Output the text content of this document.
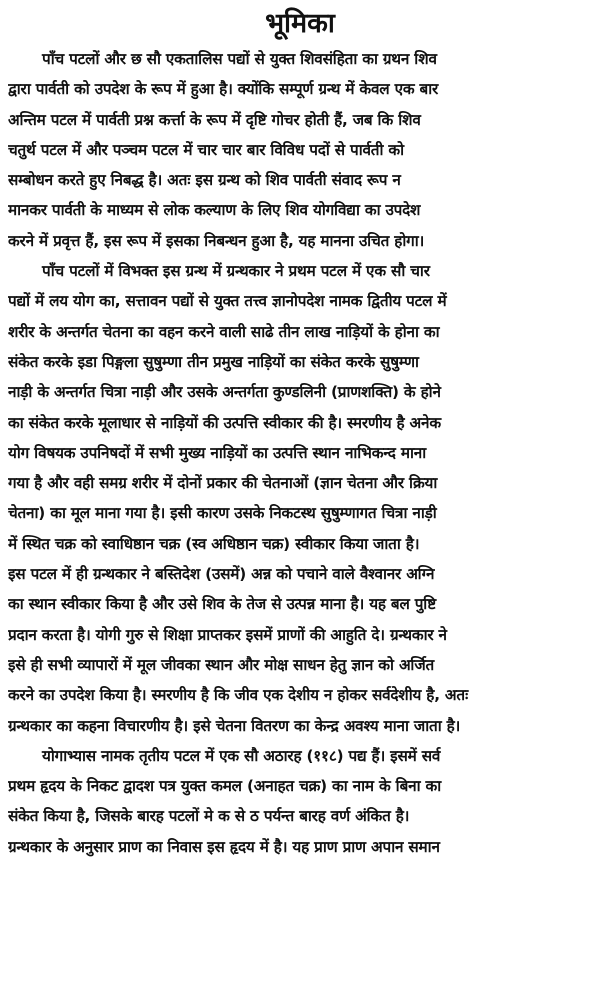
भूमिका
पाँच पटलों और छ सौ एकतालिस पद्यों से युक्त शिवसंहिता का ग्रथन शिव
द्वारा पार्वती को उपदेश के रूप में हुआ है। क्योंकि सम्पूर्ण ग्रन्थ में केवल एक बार
अन्तिम पटल में पार्वती प्रश्न कर्त्ता के रूप में दृष्टि गोचर होती हैं, जब कि शिव
चतुर्थ पटल में और पञ्चम पटल में चार चार बार विविध पदों से पार्वती को
सम्बोधन करते हुए निबद्ध है। अतः इस ग्रन्थ को शिव पार्वती संवाद रूप न
मानकर पार्वती के माध्यम से लोक कल्याण के लिए शिव योगविद्या का उपदेश
करने में प्रवृत्त हैं, इस रूप में इसका निबन्धन हुआ है, यह मानना उचित होगा।
पाँच पटलों में विभक्त इस ग्रन्थ में ग्रन्थकार ने प्रथम पटल में एक सौ चार
पद्यों में लय योग का, सत्तावन पद्यों से युक्त तत्त्व ज्ञानोपदेश नामक द्वितीय पटल में
शरीर के अन्तर्गत चेतना का वहन करने वाली साढे तीन लाख नाड़ियों के होना का
संकेत करके इडा पिङ्गला सुषुम्णा तीन प्रमुख नाड़ियों का संकेत करके सुषुम्णा
नाड़ी के अन्तर्गत चित्रा नाड़ी और उसके अन्तर्गता कुण्डलिनी (प्राणशक्ति) के होने
का संकेत करके मूलाधार से नाड़ियों की उत्पत्ति स्वीकार की है। स्मरणीय है अनेक
योग विषयक उपनिषदों में सभी मुख्य नाड़ियों का उत्पत्ति स्थान नाभिकन्द माना
गया है और वही समग्र शरीर में दोनों प्रकार की चेतनाओं (ज्ञान चेतना और क्रिया
चेतना) का मूल माना गया है। इसी कारण उसके निकटस्थ सुषुम्णागत चित्रा नाड़ी
में स्थित चक्र को स्वाधिष्ठान चक्र (स्व अधिष्ठान चक्र) स्वीकार किया जाता है।
इस पटल में ही ग्रन्थकार ने बस्तिदेश (उसमें) अन्न को पचाने वाले वैश्वानर अग्नि
का स्थान स्वीकार किया है और उसे शिव के तेज से उत्पन्न माना है। यह बल पुष्टि
प्रदान करता है। योगी गुरु से शिक्षा प्राप्तकर इसमें प्राणों की आहुति दे। ग्रन्थकार ने
इसे ही सभी व्यापारों में मूल जीवका स्थान और मोक्ष साधन हेतु ज्ञान को अर्जित
करने का उपदेश किया है। स्मरणीय है कि जीव एक देशीय न होकर सर्वदेशीय है, अतः
ग्रन्थकार का कहना विचारणीय है। इसे चेतना वितरण का केन्द्र अवश्य माना जाता है।
योगाभ्यास नामक तृतीय पटल में एक सौ अठारह (११८) पद्य हैं। इसमें सर्व
प्रथम हृदय के निकट द्वादश पत्र युक्त कमल (अनाहत चक्र) का नाम के बिना का
संकेत किया है, जिसके बारह पटलों मे क से ठ पर्यन्त बारह वर्ण अंकित है।
ग्रन्थकार के अनुसार प्राण का निवास इस हृदय में है। यह प्राण प्राण अपान समान
